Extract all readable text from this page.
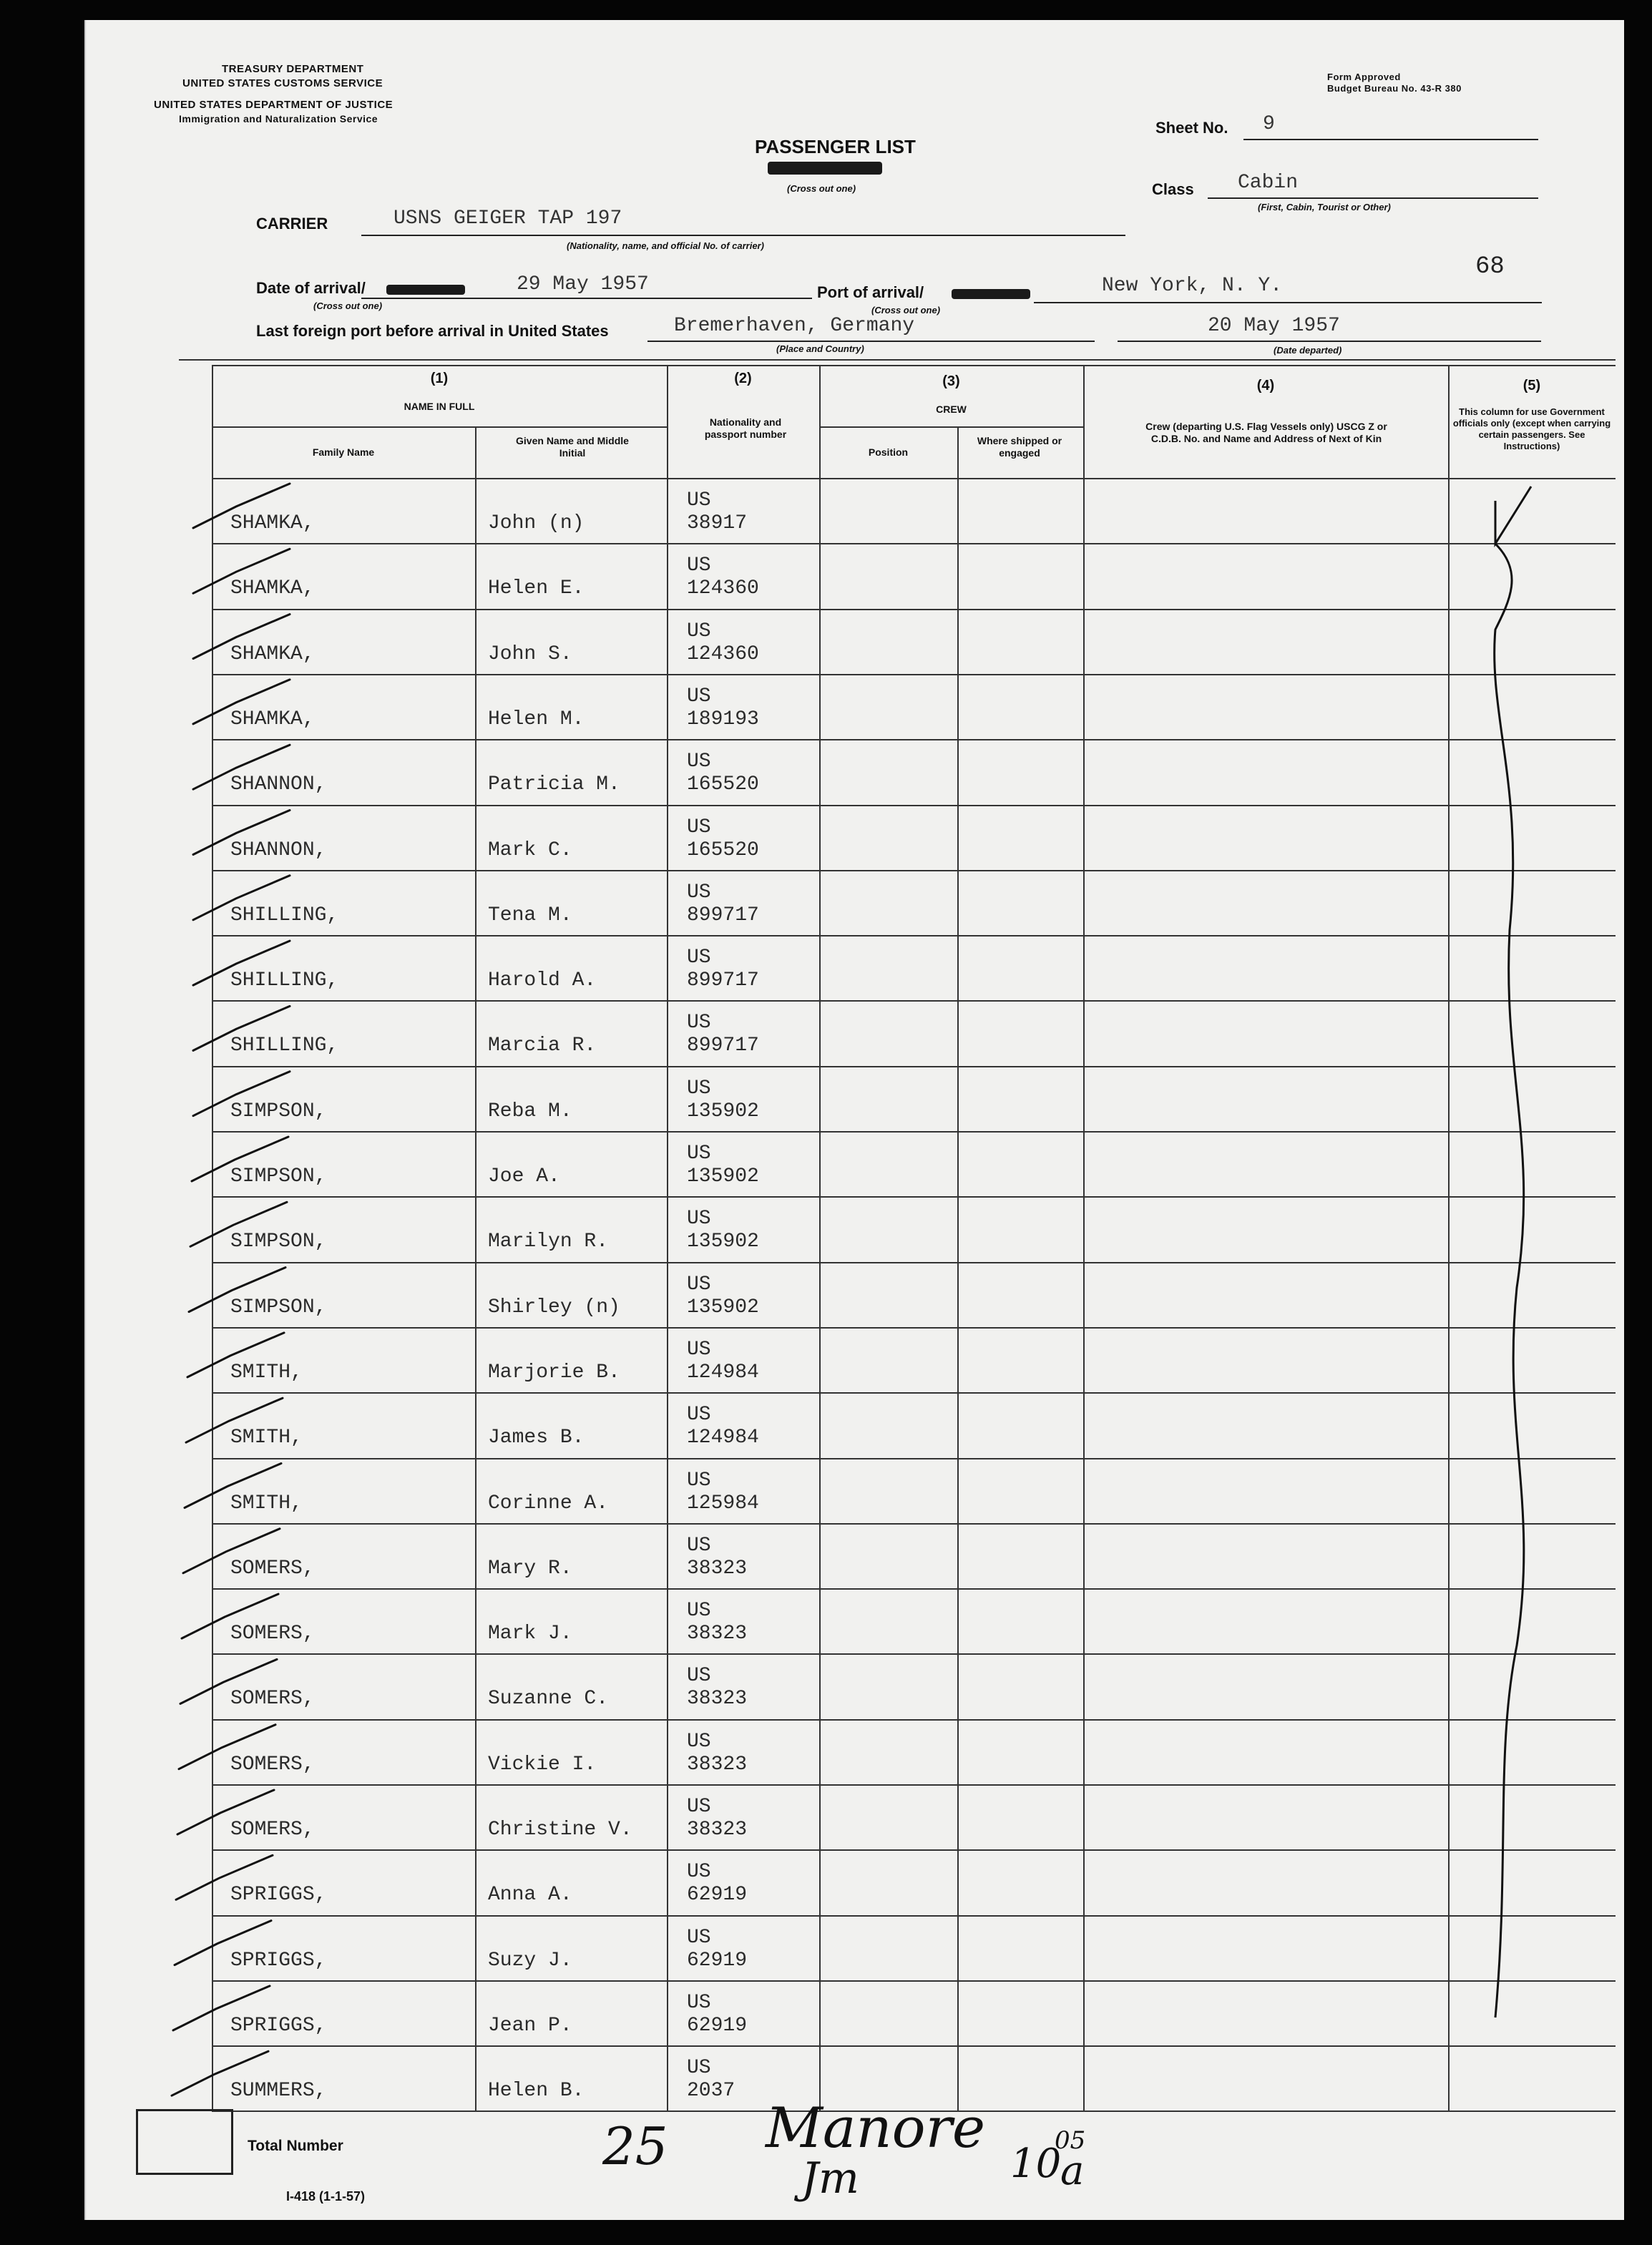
TREASURY DEPARTMENT
UNITED STATES CUSTOMS SERVICE
UNITED STATES DEPARTMENT OF JUSTICE
Immigration and Naturalization Service
Form Approved
Budget Bureau No. 43-R 380
PASSENGER LIST
(Cross out one)
Sheet No. 9
Class Cabin
(First, Cabin, Tourist or Other)
CARRIER	USNS GEIGER TAP 197
(Nationality, name, and official No. of carrier)
Date of arrival/	29 May 1957
(Cross out one)
Port of arrival/	New York, N. Y.
(Cross out one)
68
Last foreign port before arrival in United States	Bremerhaven, Germany
(Place and Country)
20 May 1957
(Date departed)
(1)
NAME IN FULL
Family Name
Given Name and Middle Initial
(2)
Nationality and passport number
(3)
CREW
Position
Where shipped or engaged
(4)
Crew (departing U.S. Flag Vessels only) USCG Z or C.D.B. No. and Name and Address of Next of Kin
(5)
This column for use Government officials only (except when carrying certain passengers. See Instructions)
SHAMKA,	John (n)
US
38917
SHAMKA,	Helen E.
US
124360
SHAMKA,	John S.
US
124360
SHAMKA,	Helen M.
US
189193
SHANNON,	Patricia M.
US
165520
SHANNON,	Mark C.
US
165520
SHILLING,	Tena M.
US
899717
SHILLING,	Harold A.
US
899717
SHILLING,	Marcia R.
US
899717
SIMPSON,	Reba M.
US
135902
SIMPSON,	Joe A.
US
135902
SIMPSON,	Marilyn R.
US
135902
SIMPSON,	Shirley (n)
US
135902
SMITH,	Marjorie B.
US
124984
SMITH,	James B.
US
124984
SMITH,	Corinne A.
US
125984
SOMERS,	Mary R.
US
38323
SOMERS,	Mark J.
US
38323
SOMERS,	Suzanne C.
US
38323
SOMERS,	Vickie I.
US
38323
SOMERS,	Christine V.
US
38323
SPRIGGS,	Anna A.
US
62919
SPRIGGS,	Suzy J.
US
62919
SPRIGGS,	Jean P.
US
62919
SUMMERS,	Helen B.
US
2037
Total Number
I-418 (1-1-57)
25 Manore
Jm	10
05
a
